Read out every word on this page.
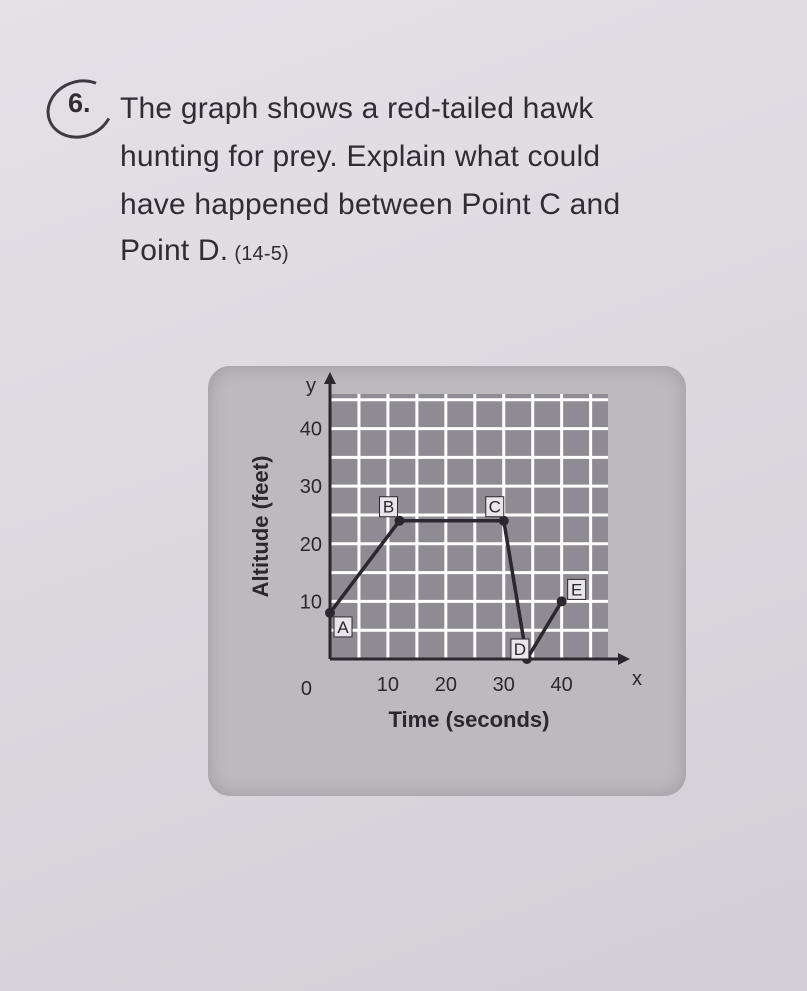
6. The graph shows a red-tailed hawk
hunting for prey. Explain what could
have happened between Point C and
Point D. (14-5)
y
x
10 20 30 40
10
20
30
40
0
Time (seconds)
Altitude (feet)
A
B	C
D
E
